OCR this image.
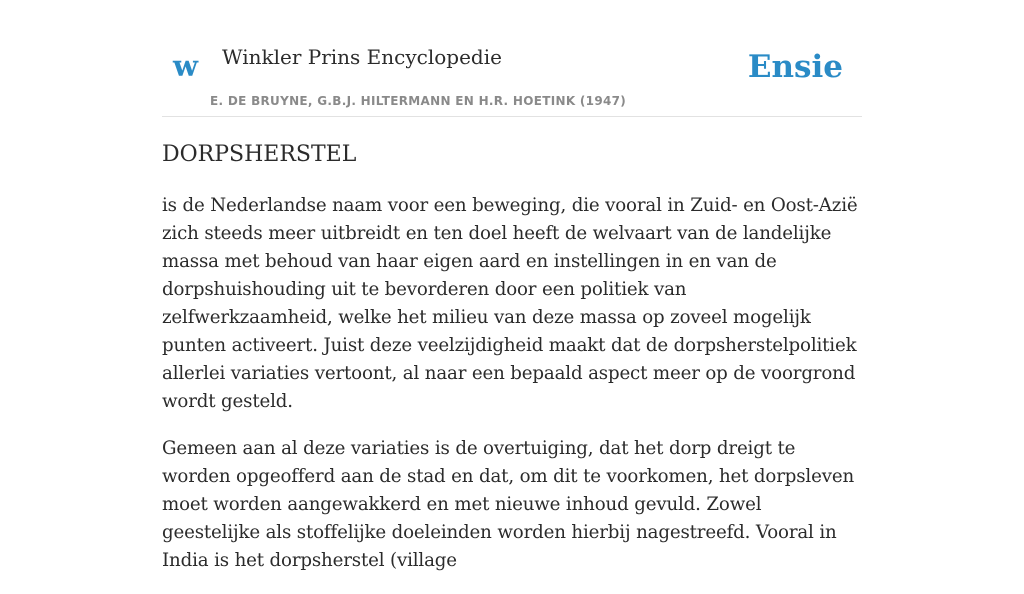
w Winkler Prins Encyclopedie
E. DE BRUYNE, G.B.J. HILTERMANN EN H.R. HOETINK (1947)
Ensie
DORPSHERSTEL

is de Nederlandse naam voor een beweging, die vooral in Zuid- en Oost-Azië zich steeds meer uitbreidt en ten doel heeft de welvaart van de landelijke massa met behoud van haar eigen aard en instellingen in en van de dorpshuishouding uit te bevorderen door een politiek van zelfwerkzaamheid, welke het milieu van deze massa op zoveel mogelijk punten activeert. Juist deze veelzijdigheid maakt dat de dorpsherstelpolitiek allerlei variaties vertoont, al naar een bepaald aspect meer op de voorgrond wordt gesteld.

Gemeen aan al deze variaties is de overtuiging, dat het dorp dreigt te worden opgeofferd aan de stad en dat, om dit te voorkomen, het dorpsleven moet worden aangewakkerd en met nieuwe inhoud gevuld. Zowel geestelijke als stoffelijke doeleinden worden hierbij nagestreefd. Vooral in India is het dorpsherstel (village
